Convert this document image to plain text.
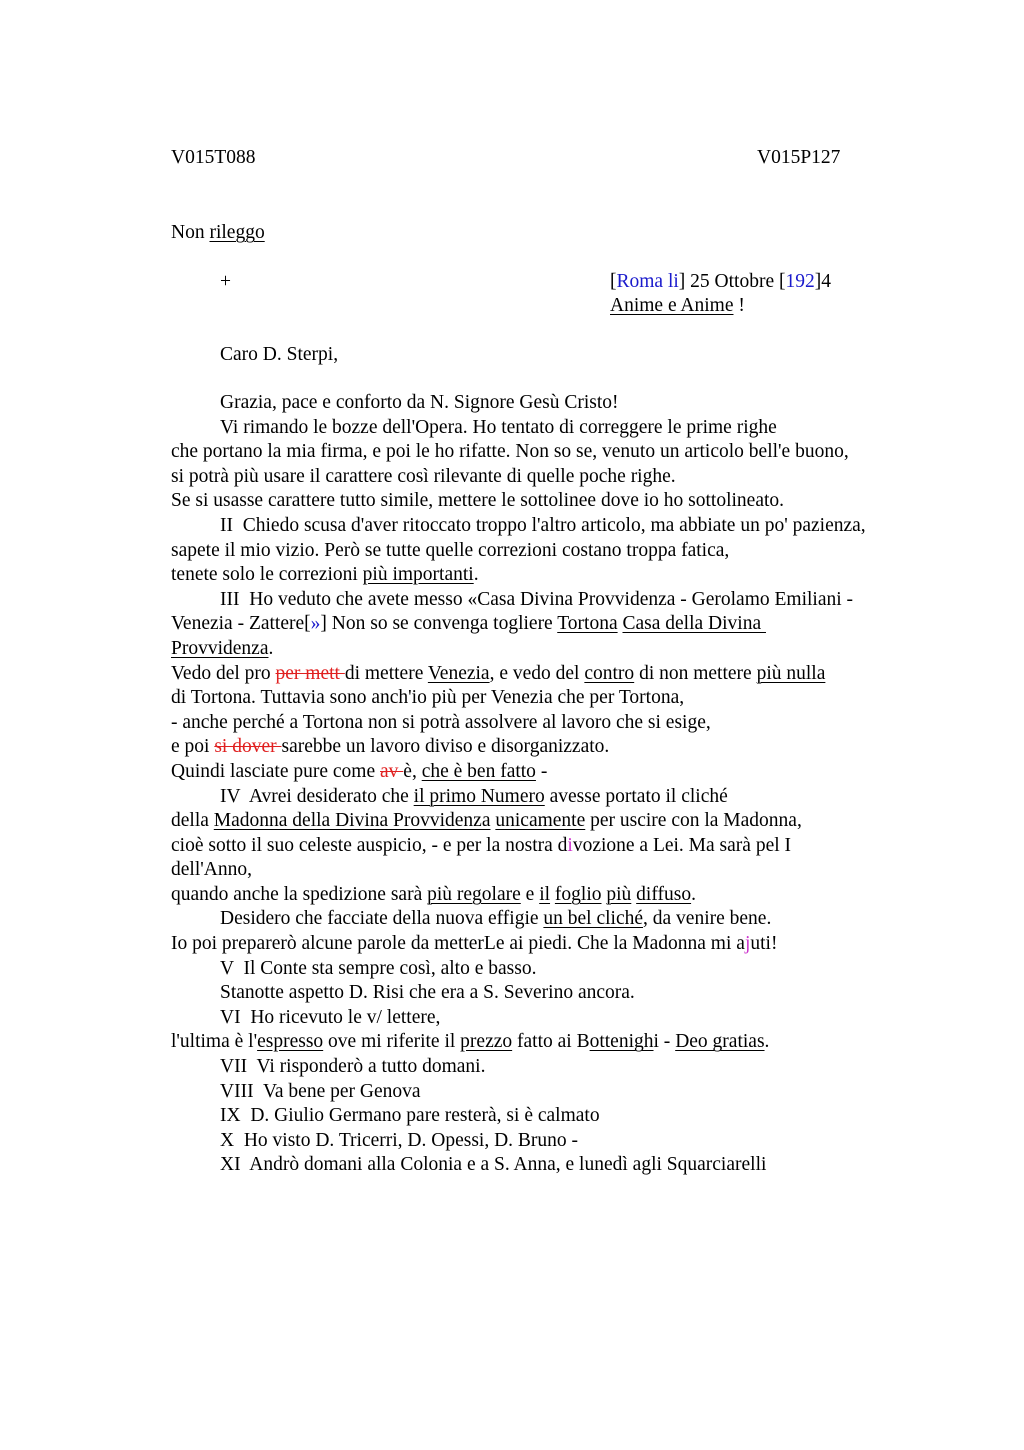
V015T088	V015P127
Non rileggo
+	[Roma li] 25 Ottobre [192]4
Anime e Anime !
Caro D. Sterpi,
Grazia, pace e conforto da N. Signore Gesù Cristo!
Vi rimando le bozze dell'Opera. Ho tentato di correggere le prime righe
che portano la mia firma, e poi le ho rifatte. Non so se, venuto un articolo bell'e buono,
si potrà più usare il carattere così rilevante di quelle poche righe.
Se si usasse carattere tutto simile, mettere le sottolinee dove io ho sottolineato.
II  Chiedo scusa d'aver ritoccato troppo l'altro articolo, ma abbiate un po' pazienza,
sapete il mio vizio. Però se tutte quelle correzioni costano troppa fatica,
tenete solo le correzioni più importanti.
III  Ho veduto che avete messo «Casa Divina Provvidenza - Gerolamo Emiliani -
Venezia - Zattere[»] Non so se convenga togliere Tortona Casa della Divina
Provvidenza.
Vedo del pro per mett di mettere Venezia, e vedo del contro di non mettere più nulla
di Tortona. Tuttavia sono anch'io più per Venezia che per Tortona,
- anche perché a Tortona non si potrà assolvere al lavoro che si esige,
e poi si dover sarebbe un lavoro diviso e disorganizzato.
Quindi lasciate pure come av è, che è ben fatto -
IV  Avrei desiderato che il primo Numero avesse portato il cliché
della Madonna della Divina Provvidenza unicamente per uscire con la Madonna,
cioè sotto il suo celeste auspicio, - e per la nostra divozione a Lei. Ma sarà pel I
dell'Anno,
quando anche la spedizione sarà più regolare e il foglio più diffuso.
Desidero che facciate della nuova effigie un bel cliché, da venire bene.
Io poi preparerò alcune parole da metterLe ai piedi. Che la Madonna mi ajuti!
V  Il Conte sta sempre così, alto e basso.
Stanotte aspetto D. Risi che era a S. Severino ancora.
VI  Ho ricevuto le v/ lettere,
l'ultima è l'espresso ove mi riferite il prezzo fatto ai Bottenighi - Deo gratias.
VII  Vi risponderò a tutto domani.
VIII  Va bene per Genova
IX  D. Giulio Germano pare resterà, si è calmato
X  Ho visto D. Tricerri, D. Opessi, D. Bruno -
XI  Andrò domani alla Colonia e a S. Anna, e lunedì agli Squarciarelli
